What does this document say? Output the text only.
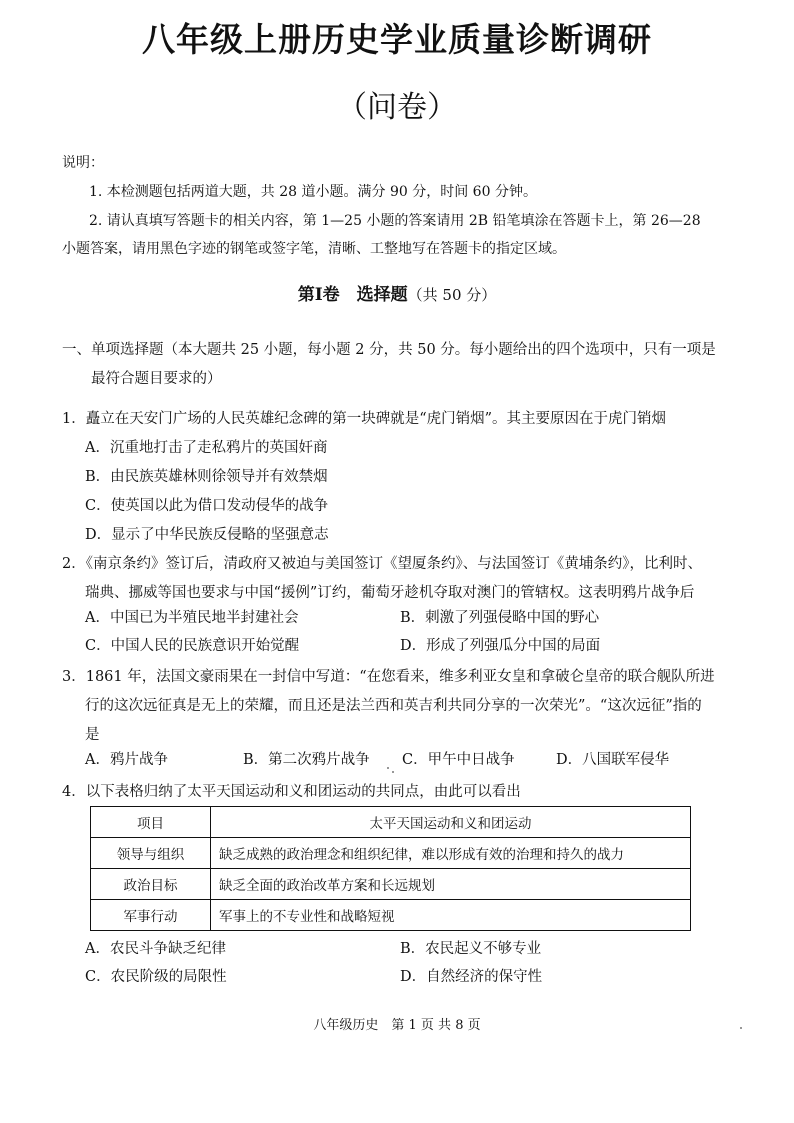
八年级上册历史学业质量诊断调研
（问卷）
说明：
1. 本检测题包括两道大题，共 28 道小题。满分 90 分，时间 60 分钟。
2. 请认真填写答题卡的相关内容，第 1—25 小题的答案请用 2B 铅笔填涂在答题卡上，第 26—28
小题答案，请用黑色字迹的钢笔或签字笔，清晰、工整地写在答题卡的指定区域。
第Ⅰ卷　选择题（共 50 分）
一、单项选择题（本大题共 25 小题，每小题 2 分，共 50 分。每小题给出的四个选项中，只有一项是
最符合题目要求的）
1．矗立在天安门广场的人民英雄纪念碑的第一块碑就是“虎门销烟”。其主要原因在于虎门销烟
A．沉重地打击了走私鸦片的英国奸商
B．由民族英雄林则徐领导并有效禁烟
C．使英国以此为借口发动侵华的战争
D．显示了中华民族反侵略的坚强意志
2．《南京条约》签订后，清政府又被迫与美国签订《望厦条约》、与法国签订《黄埔条约》，比利时、
瑞典、挪威等国也要求与中国“援例”订约，葡萄牙趁机夺取对澳门的管辖权。这表明鸦片战争后
A．中国已为半殖民地半封建社会	B．刺激了列强侵略中国的野心
C．中国人民的民族意识开始觉醒	D．形成了列强瓜分中国的局面
3．1861 年，法国文豪雨果在一封信中写道：“在您看来，维多利亚女皇和拿破仑皇帝的联合舰队所进
行的这次远征真是无上的荣耀，而且还是法兰西和英吉利共同分享的一次荣光”。“这次远征”指的
是
A．鸦片战争	B．第二次鸦片战争 C．甲午中日战争	D．八国联军侵华
4．以下表格归纳了太平天国运动和义和团运动的共同点，由此可以看出
项目	太平天国运动和义和团运动
领导与组织	缺乏成熟的政治理念和组织纪律，难以形成有效的治理和持久的战力
政治目标	缺乏全面的政治改革方案和长远规划
军事行动	军事上的不专业性和战略短视
A．农民斗争缺乏纪律	B．农民起义不够专业
C．农民阶级的局限性	D．自然经济的保守性
八年级历史　第 1 页 共 8 页
